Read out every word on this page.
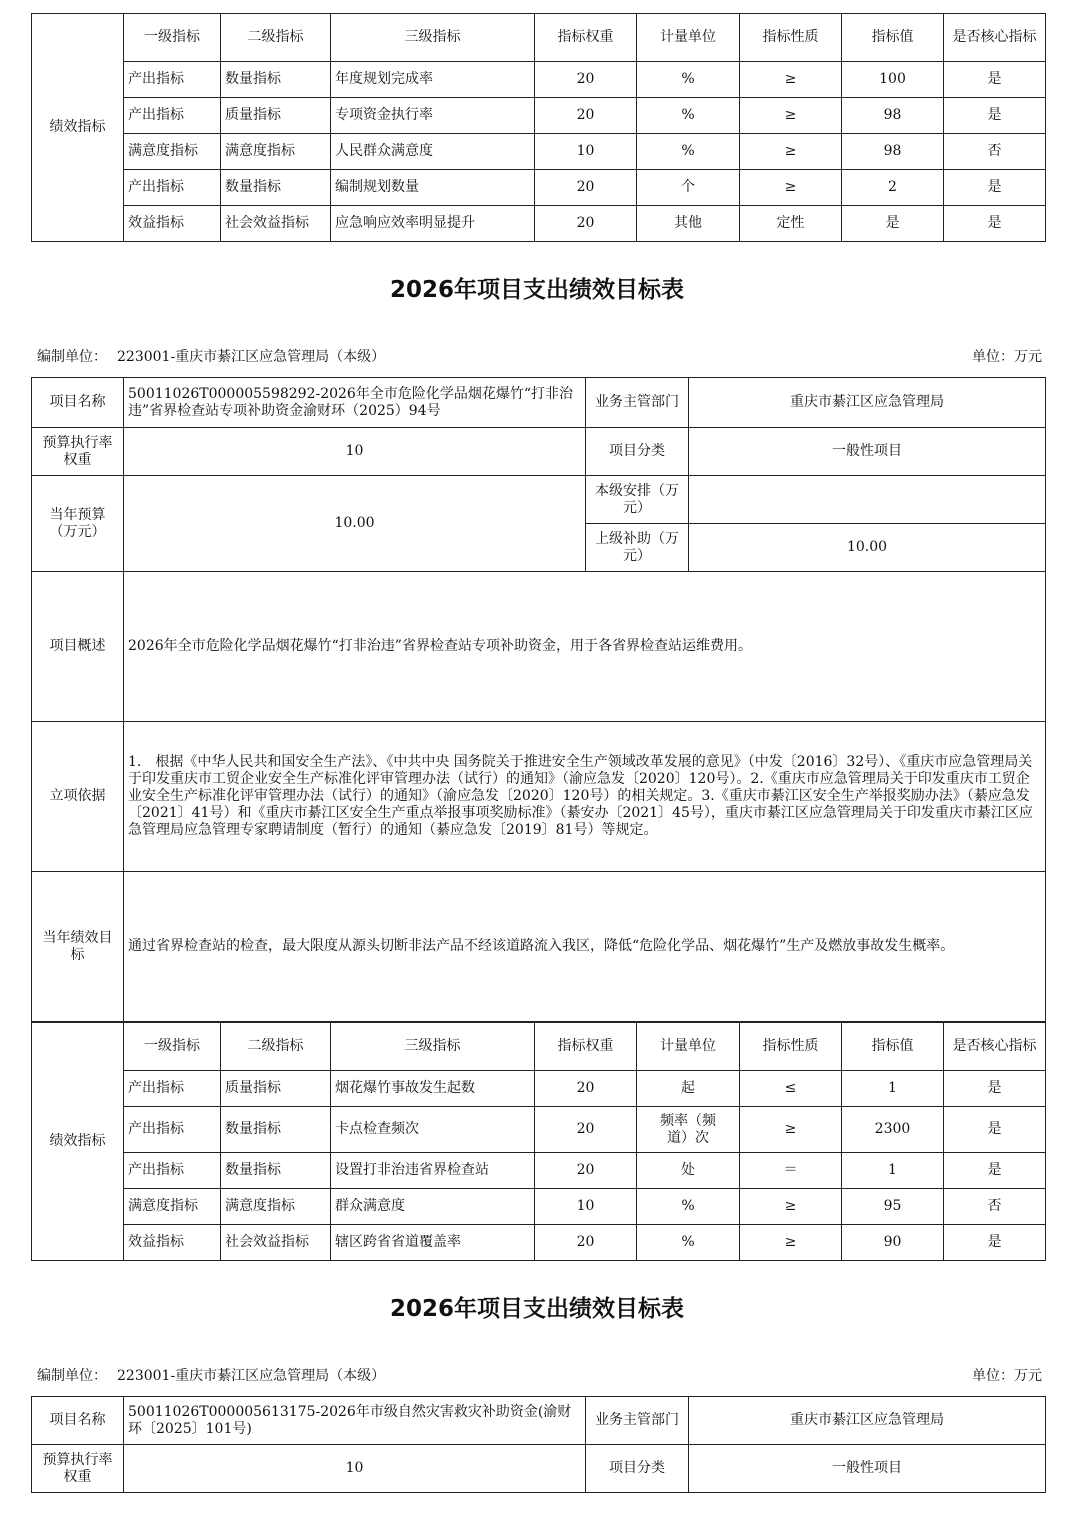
绩效指标	一级指标	二级指标	三级指标	指标权重	计量单位	指标性质	指标值	是否核心指标
	产出指标	数量指标	年度规划完成率	20	%	≥	100	是
	产出指标	质量指标	专项资金执行率	20	%	≥	98	是
	满意度指标	满意度指标	人民群众满意度	10	%	≥	98	否
	产出指标	数量指标	编制规划数量	20	个	≥	2	是
	效益指标	社会效益指标	应急响应效率明显提升	20	其他	定性	是	是
2026年项目支出绩效目标表
编制单位： 223001-重庆市綦江区应急管理局（本级）	单位：万元
项目名称	50011026T000005598292-2026年全市危险化学品烟花爆竹“打非治违”省界检查站专项补助资金渝财环（2025）94号	业务主管部门	重庆市綦江区应急管理局
预算执行率权重	10	项目分类	一般性项目
当年预算（万元）	10.00	本级安排（万元）	
		上级补助（万元）	10.00
项目概述	2026年全市危险化学品烟花爆竹“打非治违”省界检查站专项补助资金，用于各省界检查站运维费用。		
立项依据	1.　根据《中华人民共和国安全生产法》、《中共中央 国务院关于推进安全生产领域改革发展的意见》（中发〔2016〕32号）、《重庆市应急管理局关于印发重庆市工贸企业安全生产标准化评审管理办法（试行）的通知》（渝应急发〔2020〕120号）。2.《重庆市应急管理局关于印发重庆市工贸企业安全生产标准化评审管理办法（试行）的通知》（渝应急发〔2020〕120号）的相关规定。3.《重庆市綦江区安全生产举报奖励办法》（綦应急发〔2021〕41号）和《重庆市綦江区安全生产重点举报事项奖励标准》（綦安办〔2021〕45号），重庆市綦江区应急管理局关于印发重庆市綦江区应急管理局应急管理专家聘请制度（暂行）的通知（綦应急发〔2019〕81号）等规定。		
当年绩效目标	通过省界检查站的检查，最大限度从源头切断非法产品不经该道路流入我区，降低“危险化学品、烟花爆竹”生产及燃放事故发生概率。		
绩效指标	一级指标	二级指标	三级指标	指标权重	计量单位	指标性质	指标值	是否核心指标
	产出指标	质量指标	烟花爆竹事故发生起数	20	起	≤	1	是
	产出指标	数量指标	卡点检查频次	20	频率（频道）次	≥	2300	是
	产出指标	数量指标	设置打非治违省界检查站	20	处	＝	1	是
	满意度指标	满意度指标	群众满意度	10	%	≥	95	否
	效益指标	社会效益指标	辖区跨省省道覆盖率	20	%	≥	90	是
2026年项目支出绩效目标表
编制单位： 223001-重庆市綦江区应急管理局（本级）	单位：万元
项目名称	50011026T000005613175-2026年市级自然灾害救灾补助资金(渝财环〔2025〕101号)	业务主管部门	重庆市綦江区应急管理局
预算执行率权重	10	项目分类	一般性项目
